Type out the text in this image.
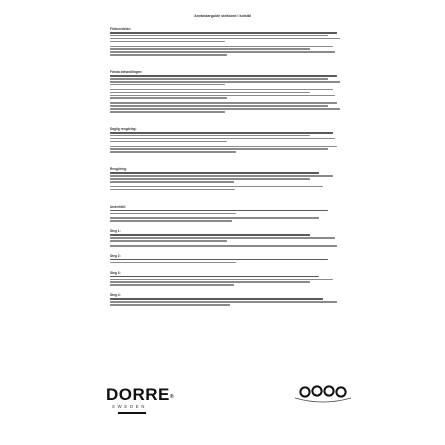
Användarguide stekbord i kolstål
Förberedelse:
Första behandlingen:
Daglig rengöring:
Rengöring:
Underhåll:
Steg 1:
Steg 2:
Steg 3:
Steg 4:
DORRE®
SWEDEN
